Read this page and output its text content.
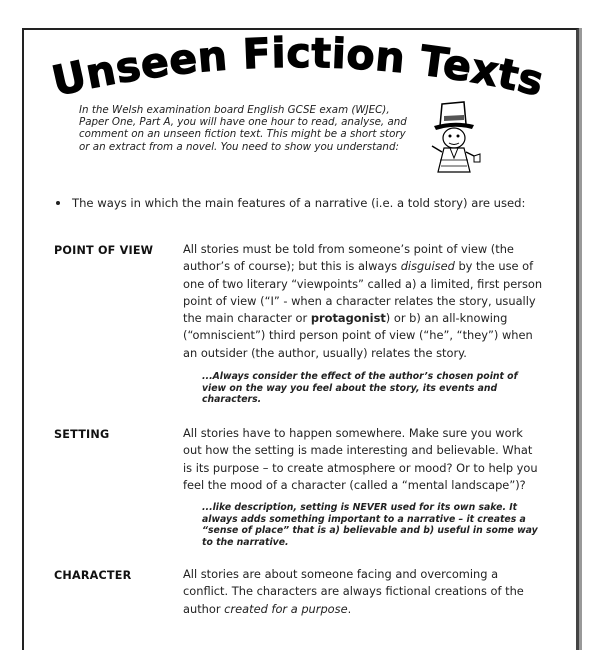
Unseen Fiction Texts
In the Welsh examination board English GCSE exam (WJEC), Paper One, Part A, you will have one hour to read, analyse, and comment on an unseen fiction text. This might be a short story or an extract from a novel. You need to show you understand:
The ways in which the main features of a narrative (i.e. a told story) are used:
POINT OF VIEW	All stories must be told from someone’s point of view (the author’s of course); but this is always disguised by the use of one of two literary “viewpoints” called a) a limited, first person point of view (“I” - when a character relates the story, usually the main character or protagonist) or b) an all-knowing (“omniscient”) third person point of view (“he”, “they”) when an outsider (the author, usually) relates the story.
...Always consider the effect of the author’s chosen point of view on the way you feel about the story, its events and characters.
SETTING	All stories have to happen somewhere. Make sure you work out how the setting is made interesting and believable. What is its purpose – to create atmosphere or mood? Or to help you feel the mood of a character (called a “mental landscape”)?
...like description, setting is NEVER used for its own sake. It always adds something important to a narrative – it creates a “sense of place” that is a) believable and b) useful in some way to the narrative.
CHARACTER	All stories are about someone facing and overcoming a conflict. The characters are always fictional creations of the author created for a purpose.
